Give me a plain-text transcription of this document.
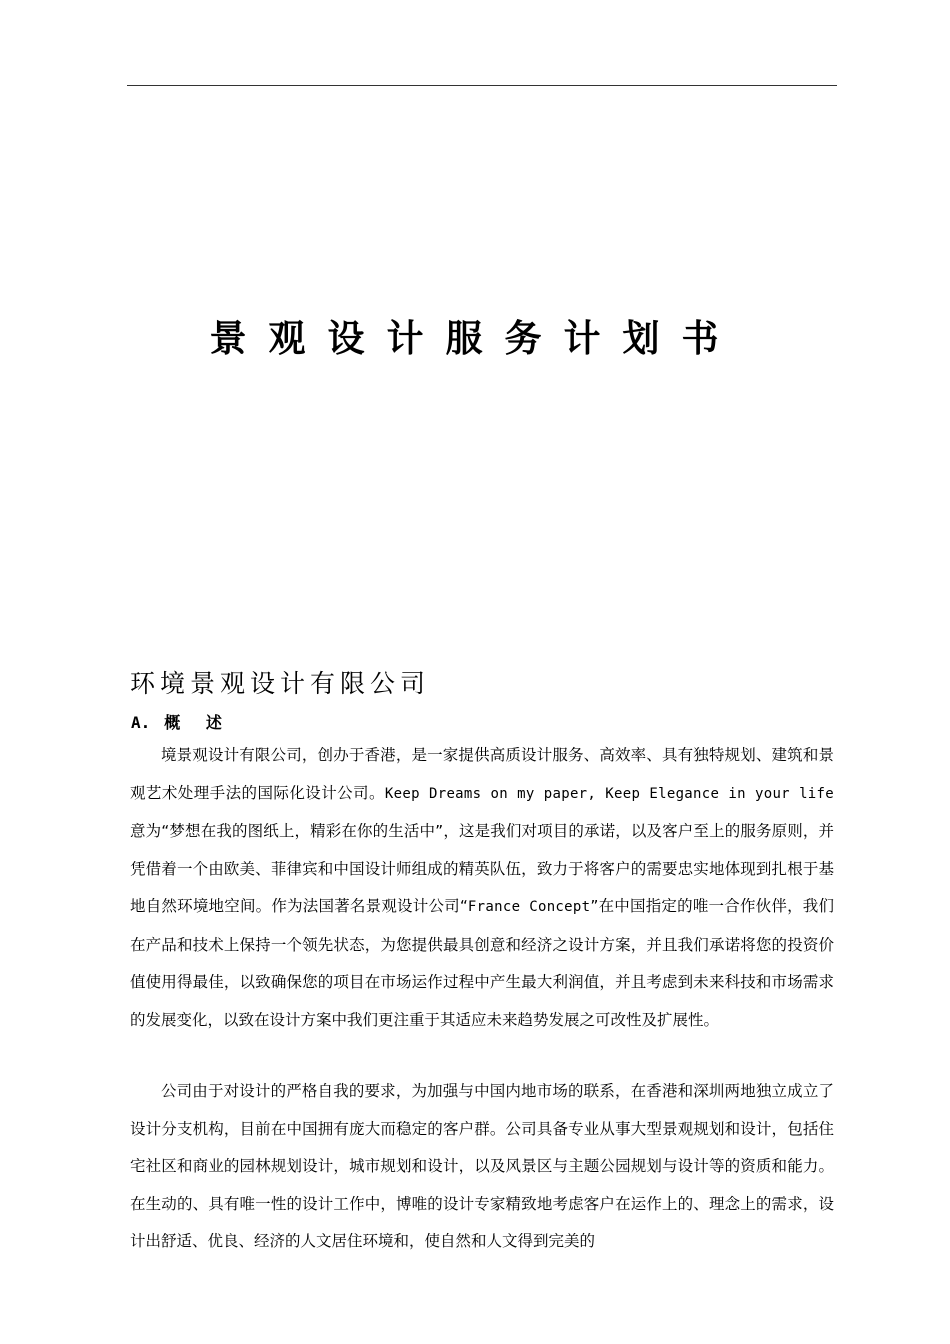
景观设计服务计划书
环境景观设计有限公司
A. 概 述

境景观设计有限公司，创办于香港，是一家提供高质设计服务、高效率、具有独特规划、建筑和景观艺术处理手法的国际化设计公司。Keep Dreams on my paper, Keep Elegance in your life 意为“梦想在我的图纸上，精彩在你的生活中”，这是我们对项目的承诺，以及客户至上的服务原则，并凭借着一个由欧美、菲律宾和中国设计师组成的精英队伍，致力于将客户的需要忠实地体现到扎根于基地自然环境地空间。作为法国著名景观设计公司“France Concept”在中国指定的唯一合作伙伴，我们在产品和技术上保持一个领先状态，为您提供最具创意和经济之设计方案，并且我们承诺将您的投资价值使用得最佳，以致确保您的项目在市场运作过程中产生最大利润值，并且考虑到未来科技和市场需求的发展变化，以致在设计方案中我们更注重于其适应未来趋势发展之可改性及扩展性。

公司由于对设计的严格自我的要求，为加强与中国内地市场的联系，在香港和深圳两地独立成立了设计分支机构，目前在中国拥有庞大而稳定的客户群。公司具备专业从事大型景观规划和设计，包括住宅社区和商业的园林规划设计，城市规划和设计，以及风景区与主题公园规划与设计等的资质和能力。在生动的、具有唯一性的设计工作中，博唯的设计专家精致地考虑客户在运作上的、理念上的需求，设计出舒适、优良、经济的人文居住环境和，使自然和人文得到完美的
